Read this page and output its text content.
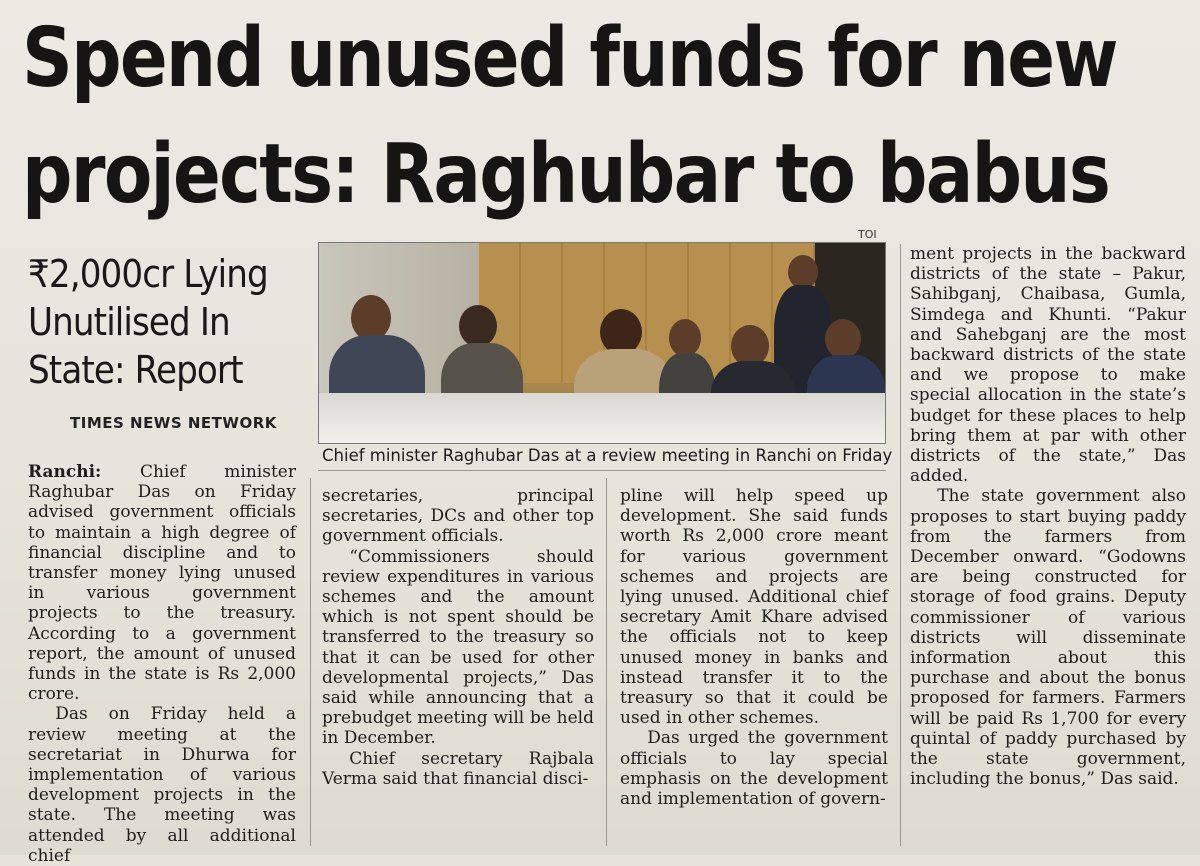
Spend unused funds for new
projects: Raghubar to babus
₹2,000cr Lying
Unutilised In
State: Report
TIMES NEWS NETWORK
TOI
Chief minister Raghubar Das at a review meeting in Ranchi on Friday

Ranchi: Chief minister Raghubar Das on Friday advised government officials to maintain a high degree of financial discipline and to transfer money lying unused in various government projects to the treasury. According to a government report, the amount of unused funds in the state is Rs 2,000 crore.

Das on Friday held a review meeting at the secretariat in Dhurwa for implementation of various development projects in the state. The meeting was attended by all additional chief

secretaries, principal secretaries, DCs and other top government officials.

“Commissioners should review expenditures in various schemes and the amount which is not spent should be transferred to the treasury so that it can be used for other developmental projects,” Das said while announcing that a prebudget meeting will be held in December.

Chief secretary Rajbala Verma said that financial disci-

pline will help speed up development. She said funds worth Rs 2,000 crore meant for various government schemes and projects are lying unused. Additional chief secretary Amit Khare advised the officials not to keep unused money in banks and instead transfer it to the treasury so that it could be used in other schemes.

Das urged the government officials to lay special emphasis on the development and implementation of govern-

ment projects in the backward districts of the state – Pakur, Sahibganj, Chaibasa, Gumla, Simdega and Khunti. “Pakur and Sahebganj are the most backward districts of the state and we propose to make special allocation in the state’s budget for these places to help bring them at par with other districts of the state,” Das added.

The state government also proposes to start buying paddy from the farmers from December onward. “Godowns are being constructed for storage of food grains. Deputy commissioner of various districts will disseminate information about this purchase and about the bonus proposed for farmers. Farmers will be paid Rs 1,700 for every quintal of paddy purchased by the state government, including the bonus,” Das said.
